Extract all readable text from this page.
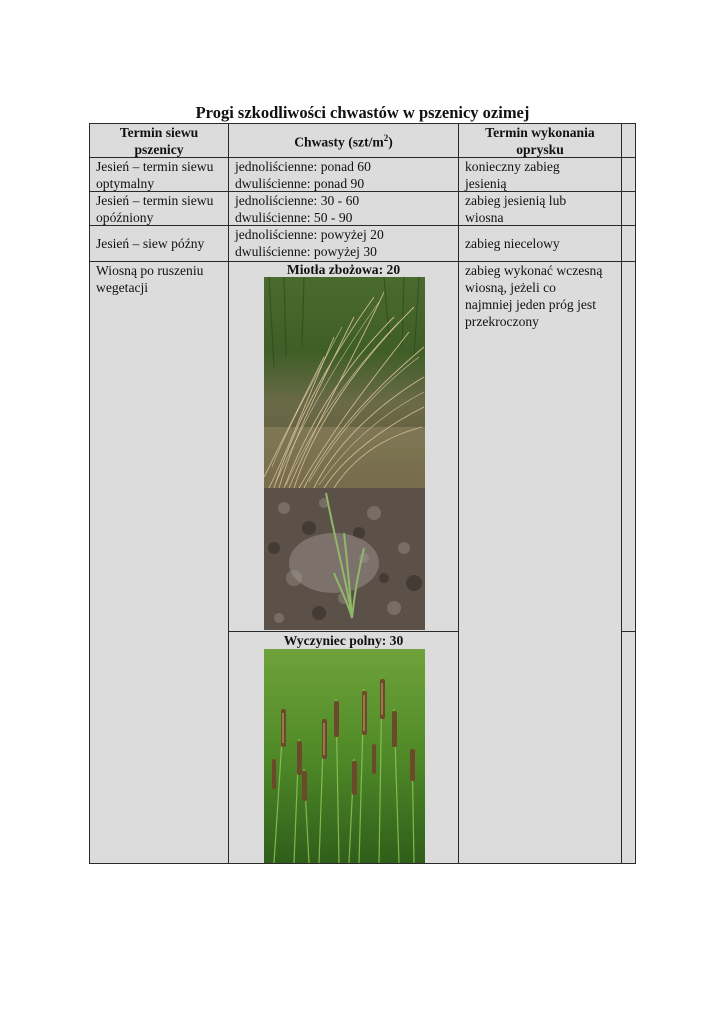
Progi szkodliwości chwastów w pszenicy ozimej
Termin siewu
pszenicy	Chwasty $(szt/m^2)$
Termin wykonania
oprysku
Jesień – termin siewu
optymalny
jednoliścienne: ponad 60
dwuliścienne: ponad 90
konieczny zabieg
jesienią
Jesień – termin siewu
opóźniony
jednoliścienne: 30 - 60
dwuliścienne: 50 - 90
zabieg jesienią lub
wiosna
Jesień – siew późny
jednoliścienne: powyżej 20
dwuliścienne: powyżej 30
zabieg niecelowy
Wiosną po ruszeniu
wegetacji
Miotła zbożowa: 20
Wyczyniec polny: 30
zabieg wykonać wczesną
wiosną, jeżeli co
najmniej jeden próg jest
przekroczony
